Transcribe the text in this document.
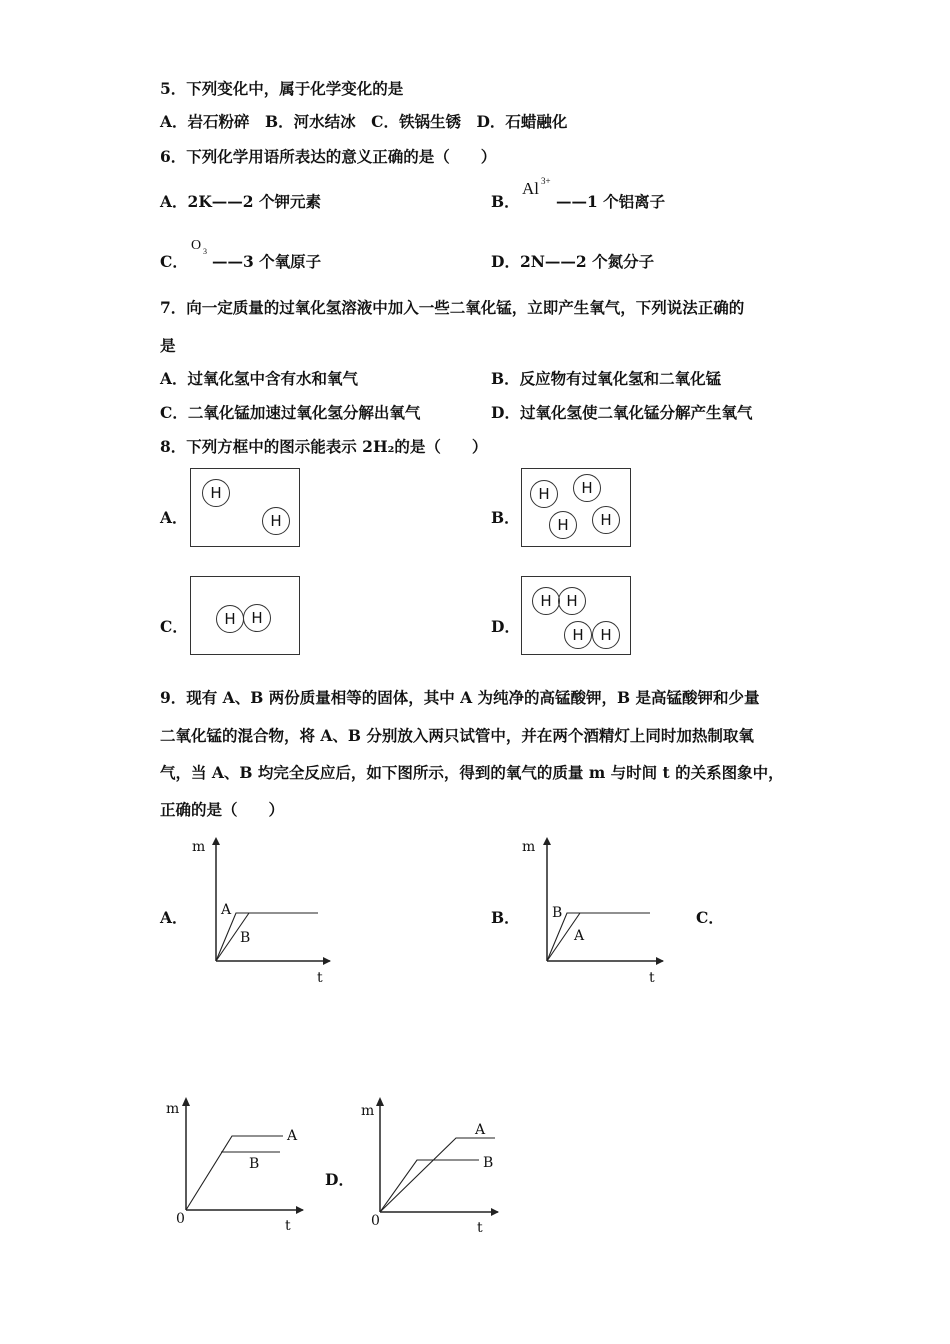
5．下列变化中，属于化学变化的是
A．岩石粉碎　B．河水结冰　C．铁锅生锈　D．石蜡融化
6．下列化学用语所表达的意义正确的是（　　）
A．2K——2 个钾元素	B．
Al 3+
——1 个铝离子
C．
O 3
——3 个氧原子	D．2N——2 个氮分子
7．向一定质量的过氧化氢溶液中加入一些二氧化锰，立即产生氧气，下列说法正确的
是
A．过氧化氢中含有水和氧气	B．反应物有过氧化氢和二氧化锰
C．二氧化锰加速过氧化氢分解出氧气	D．过氧化氢使二氧化锰分解产生氧气
8．下列方框中的图示能表示 2H₂的是（　　）
A．
H
H	B．
H	H
H	H
C．	H	H	D．
H H
H	H
9．现有 A、B 两份质量相等的固体，其中 A 为纯净的高锰酸钾，B 是高锰酸钾和少量
二氧化锰的混合物，将 A、B 分别放入两只试管中，并在两个酒精灯上同时加热制取氧
气，当 A、B 均完全反应后，如下图所示，得到的氧气的质量 m 与时间 t 的关系图象中，
正确的是（　　）
A．	B．	C．
D．
m
t
A
B
m
t
B
A
m
0	t
A
B
m
0	t
A
B
